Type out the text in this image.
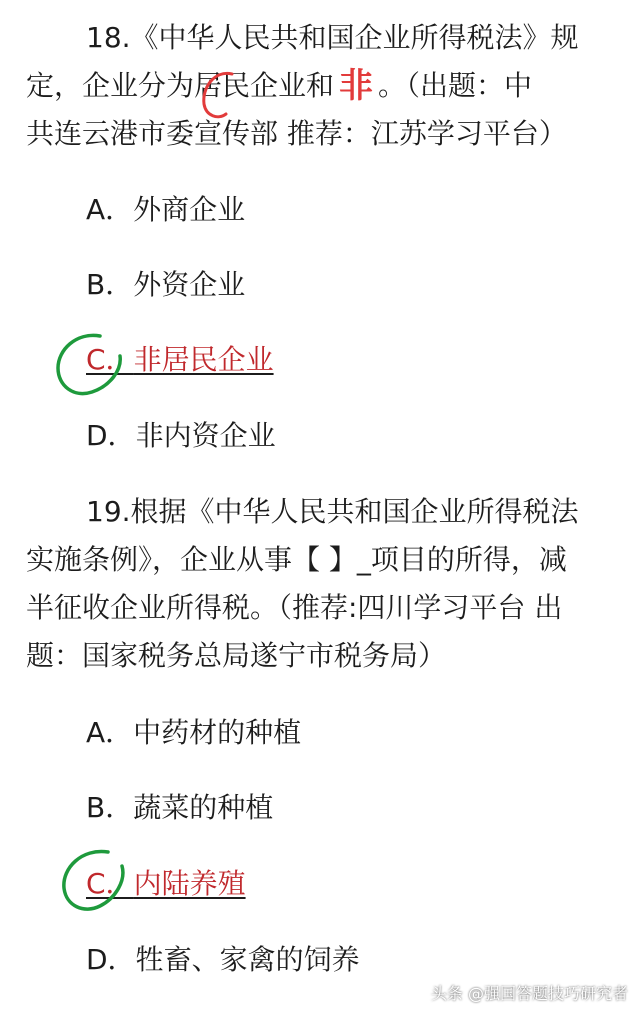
18.《中华人民共和国企业所得税法》规
定，企业分为居民企业和 非 。（出题：中
共连云港市委宣传部 推荐：江苏学习平台）
A．外商企业
B．外资企业
C．非居民企业
D．非内资企业
19.根据《中华人民共和国企业所得税法
实施条例》，企业从事【 】_项目的所得，减
半征收企业所得税。（推荐:四川学习平台 出
题：国家税务总局遂宁市税务局）
A．中药材的种植
B．蔬菜的种植
C．内陆养殖
D．牲畜、家禽的饲养
头条 @强国答题技巧研究者
